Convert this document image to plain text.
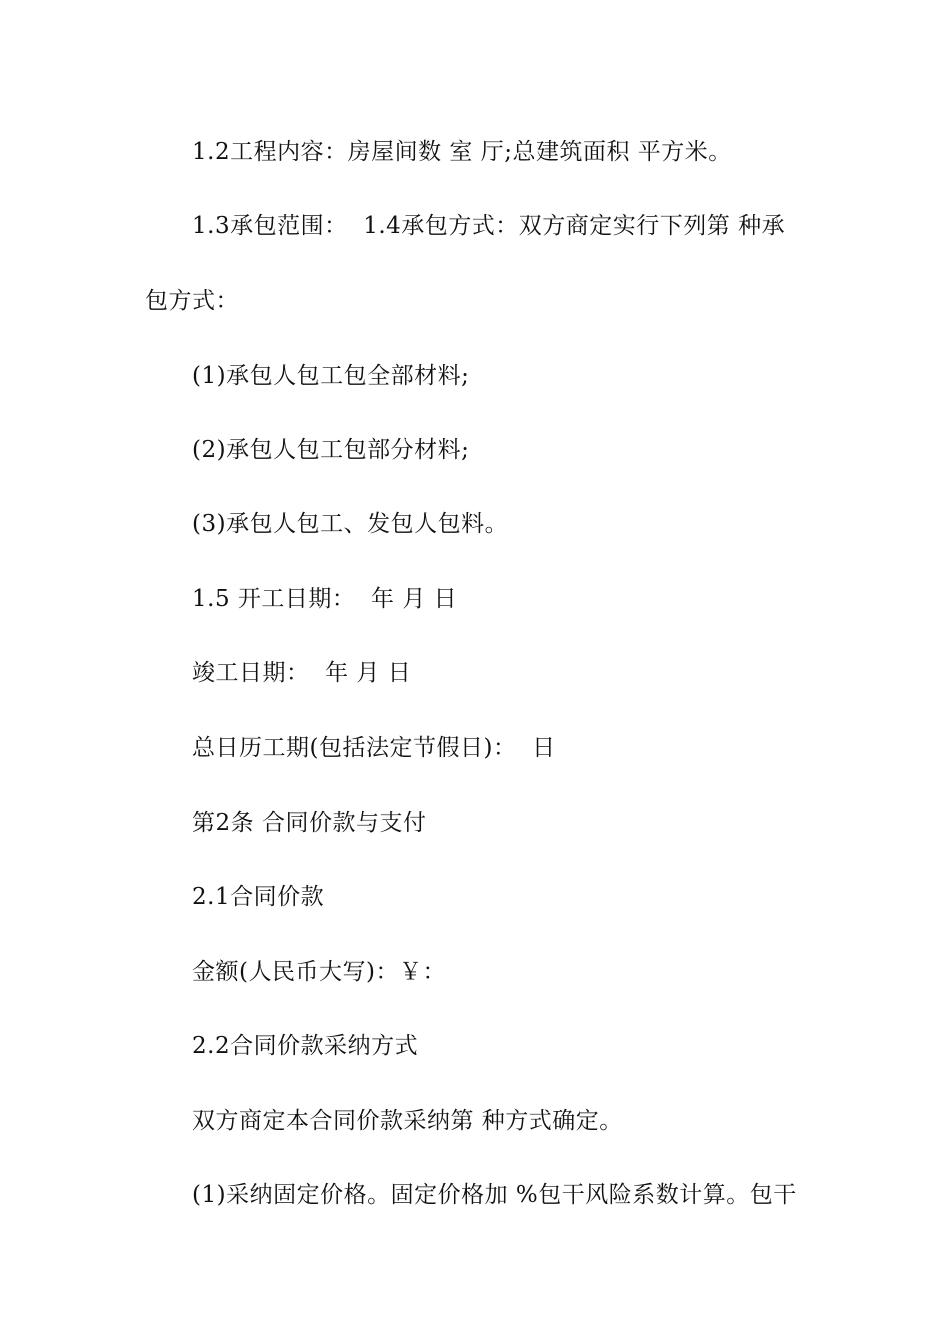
1.2工程内容：房屋间数 室 厅;总建筑面积 平方米。
1.3承包范围：  1.4承包方式：双方商定实行下列第 种承
包方式：
(1)承包人包工包全部材料;
(2)承包人包工包部分材料;
(3)承包人包工、发包人包料。
1.5 开工日期：  年 月 日
竣工日期：  年 月 日
总日历工期(包括法定节假日)：  日
第2条 合同价款与支付
2.1合同价款
金额(人民币大写)：￥：
2.2合同价款采纳方式
双方商定本合同价款采纳第 种方式确定。
(1)采纳固定价格。固定价格加 %包干风险系数计算。包干
